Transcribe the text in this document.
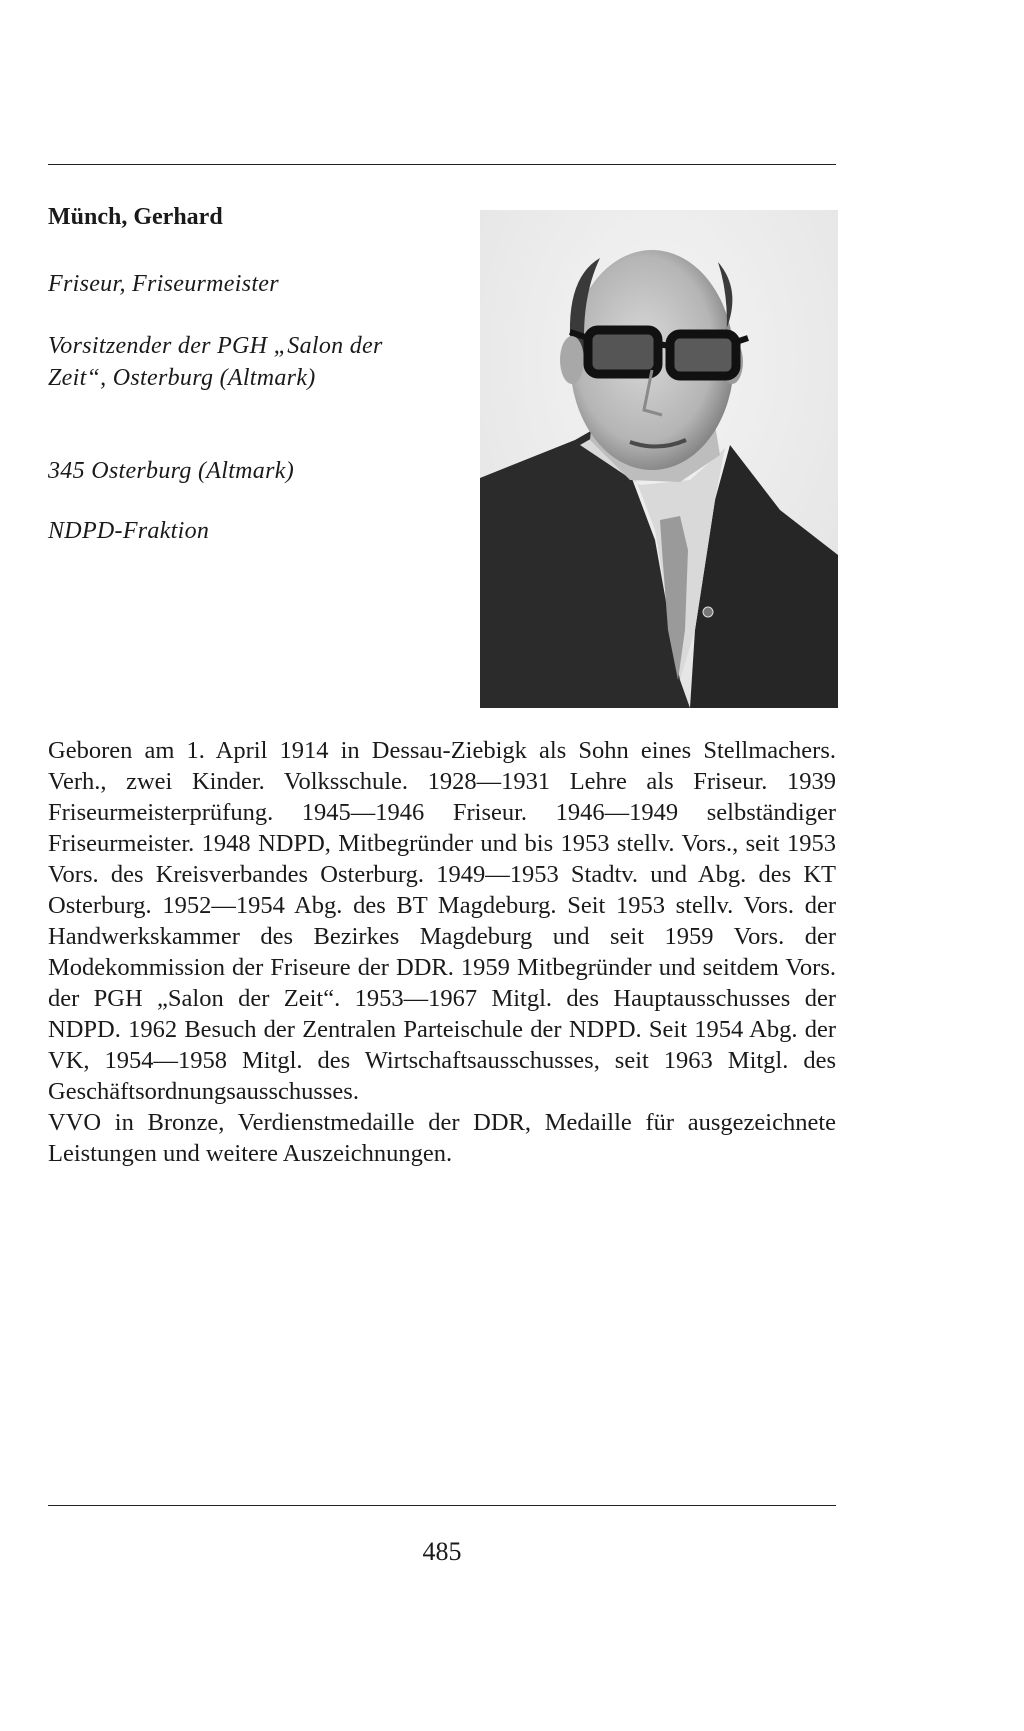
Münch, Gerhard
Friseur, Friseurmeister
Vorsitzender der PGH „Salon der Zeit“, Osterburg (Altmark)
345 Osterburg (Altmark)
NDPD-Fraktion

Geboren am 1. April 1914 in Dessau-Ziebigk als Sohn eines Stellmachers. Verh., zwei Kinder. Volksschule. 1928—1931 Lehre als Friseur. 1939 Friseurmeisterprüfung. 1945—1946 Friseur. 1946—1949 selbständiger Friseurmeister. 1948 NDPD, Mitbegründer und bis 1953 stellv. Vors., seit 1953 Vors. des Kreisverbandes Osterburg. 1949—1953 Stadtv. und Abg. des KT Osterburg. 1952—1954 Abg. des BT Magdeburg. Seit 1953 stellv. Vors. der Handwerkskammer des Bezirkes Magdeburg und seit 1959 Vors. der Modekommission der Friseure der DDR. 1959 Mitbegründer und seitdem Vors. der PGH „Salon der Zeit“. 1953—1967 Mitgl. des Hauptausschusses der NDPD. 1962 Besuch der Zentralen Parteischule der NDPD. Seit 1954 Abg. der VK, 1954—1958 Mitgl. des Wirtschaftsausschusses, seit 1963 Mitgl. des Geschäftsordnungsausschusses.

VVO in Bronze, Verdienstmedaille der DDR, Medaille für ausgezeichnete Leistungen und weitere Auszeichnungen.

485
